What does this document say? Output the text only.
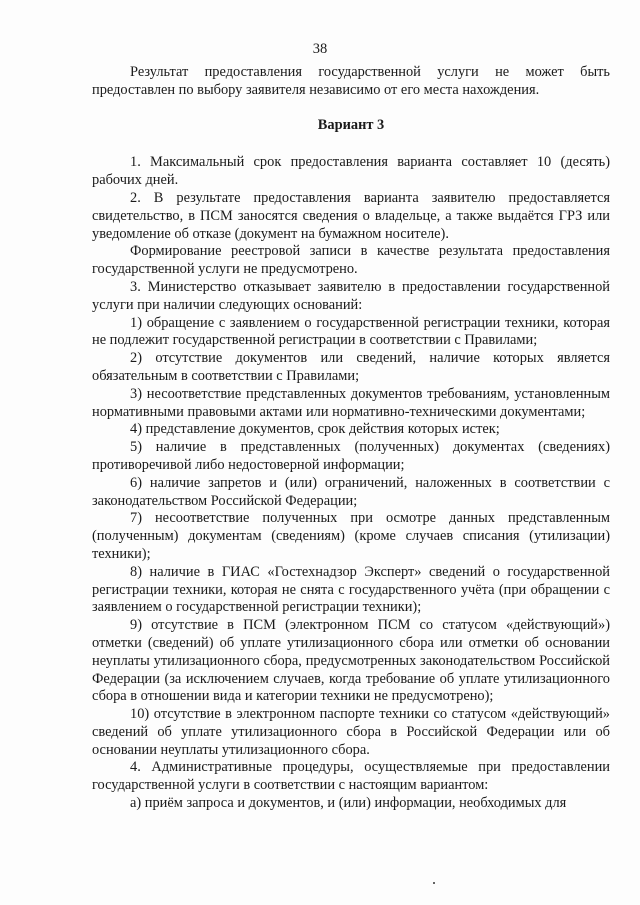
38

Результат предоставления государственной услуги не может быть предоставлен по выбору заявителя независимо от его места нахождения.

Вариант 3

1. Максимальный срок предоставления варианта составляет 10 (десять) рабочих дней.

2. В результате предоставления варианта заявителю предоставляется свидетельство, в ПСМ заносятся сведения о владельце, а также выдаётся ГРЗ или уведомление об отказе (документ на бумажном носителе).

Формирование реестровой записи в качестве результата предоставления государственной услуги не предусмотрено.

3. Министерство отказывает заявителю в предоставлении государственной услуги при наличии следующих оснований:

1) обращение с заявлением о государственной регистрации техники, которая не подлежит государственной регистрации в соответствии с Правилами;

2) отсутствие документов или сведений, наличие которых является обязательным в соответствии с Правилами;

3) несоответствие представленных документов требованиям, установленным нормативными правовыми актами или нормативно-техническими документами;

4) представление документов, срок действия которых истек;

5) наличие в представленных (полученных) документах (сведениях) противоречивой либо недостоверной информации;

6) наличие запретов и (или) ограничений, наложенных в соответствии с законодательством Российской Федерации;

7) несоответствие полученных при осмотре данных представленным (полученным) документам (сведениям) (кроме случаев списания (утилизации) техники);

8) наличие в ГИАС «Гостехнадзор Эксперт» сведений о государственной регистрации техники, которая не снята с государственного учёта (при обращении с заявлением о государственной регистрации техники);

9) отсутствие в ПСМ (электронном ПСМ со статусом «действующий») отметки (сведений) об уплате утилизационного сбора или отметки об основании неуплаты утилизационного сбора, предусмотренных законодательством Российской Федерации (за исключением случаев, когда требование об уплате утилизационного сбора в отношении вида и категории техники не предусмотрено);

10) отсутствие в электронном паспорте техники со статусом «действующий» сведений об уплате утилизационного сбора в Российской Федерации или об основании неуплаты утилизационного сбора.

4. Административные процедуры, осуществляемые при предоставлении государственной услуги в соответствии с настоящим вариантом:

а) приём запроса и документов, и (или) информации, необходимых для
